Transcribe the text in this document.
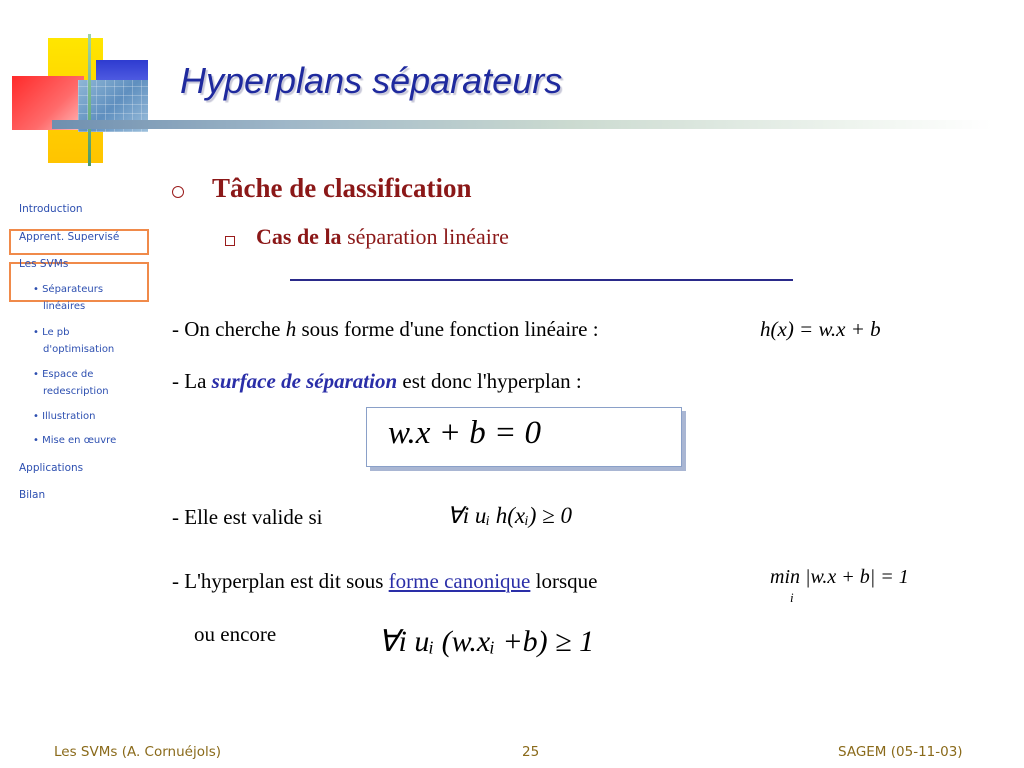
Hyperplans séparateurs
Introduction
Apprent. Supervisé
Les SVMs
• Séparateurs
linéaires
• Le pb
d'optimisation
• Espace de
redescription
• Illustration
• Mise en œuvre
Applications
Bilan
Tâche de classification
Cas de la séparation linéaire
- On cherche h sous forme d'une fonction linéaire :	h(x) = w.x + b
- La surface de séparation est donc l'hyperplan :
w.x + b = 0
- Elle est valide si	∀i uᵢ h(xᵢ) ≥ 0
- L'hyperplan est dit sous forme canonique lorsque	min |w.x + b| = 1
i
ou encore	∀i uᵢ (w.xᵢ +b) ≥ 1
Les SVMs (A. Cornuéjols)	25	SAGEM (05-11-03)
